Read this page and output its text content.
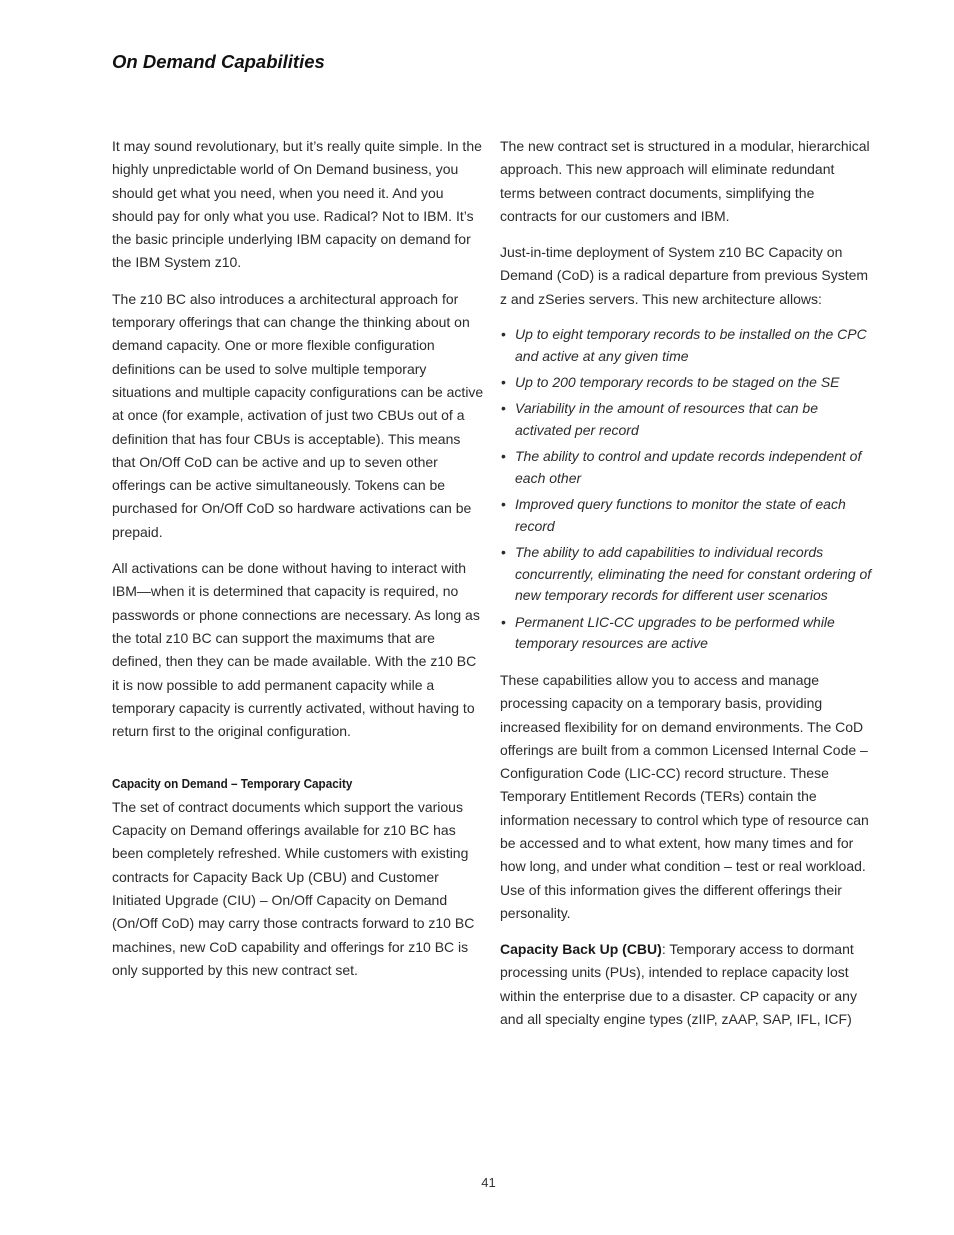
On Demand Capabilities

It may sound revolutionary, but it’s really quite simple. In the highly unpredictable world of On Demand business, you should get what you need, when you need it. And you should pay for only what you use. Radical? Not to IBM. It’s the basic principle underlying IBM capacity on demand for the IBM System z10.

The z10 BC also introduces a architectural approach for temporary offerings that can change the thinking about on demand capacity. One or more flexible configuration definitions can be used to solve multiple temporary situations and multiple capacity configurations can be active at once (for example, activation of just two CBUs out of a definition that has four CBUs is acceptable). This means that On/Off CoD can be active and up to seven other offerings can be active simultaneously. Tokens can be purchased for On/Off CoD so hardware activations can be prepaid.

All activations can be done without having to interact with IBM—when it is determined that capacity is required, no passwords or phone connections are necessary. As long as the total z10 BC can support the maximums that are defined, then they can be made available. With the z10 BC it is now possible to add permanent capacity while a temporary capacity is currently activated, without having to return first to the original configuration.

Capacity on Demand – Temporary Capacity

The set of contract documents which support the various Capacity on Demand offerings available for z10 BC has been completely refreshed. While customers with existing contracts for Capacity Back Up (CBU) and Customer Initiated Upgrade (CIU) – On/Off Capacity on Demand (On/Off CoD) may carry those contracts forward to z10 BC machines, new CoD capability and offerings for z10 BC is only supported by this new contract set.

The new contract set is structured in a modular, hierarchical approach. This new approach will eliminate redundant terms between contract documents, simplifying the contracts for our customers and IBM.

Just-in-time deployment of System z10 BC Capacity on Demand (CoD) is a radical departure from previous System z and zSeries servers. This new architecture allows:

• Up to eight temporary records to be installed on the CPC and active at any given time
• Up to 200 temporary records to be staged on the SE
• Variability in the amount of resources that can be activated per record
• The ability to control and update records independent of each other
• Improved query functions to monitor the state of each record
• The ability to add capabilities to individual records concurrently, eliminating the need for constant ordering of new temporary records for different user scenarios
• Permanent LIC-CC upgrades to be performed while temporary resources are active

These capabilities allow you to access and manage processing capacity on a temporary basis, providing increased flexibility for on demand environments. The CoD offerings are built from a common Licensed Internal Code – Configuration Code (LIC-CC) record structure. These Temporary Entitlement Records (TERs) contain the information necessary to control which type of resource can be accessed and to what extent, how many times and for how long, and under what condition – test or real workload. Use of this information gives the different offerings their personality.

Capacity Back Up (CBU): Temporary access to dormant processing units (PUs), intended to replace capacity lost within the enterprise due to a disaster. CP capacity or any and all specialty engine types (zIIP, zAAP, SAP, IFL, ICF)

41
